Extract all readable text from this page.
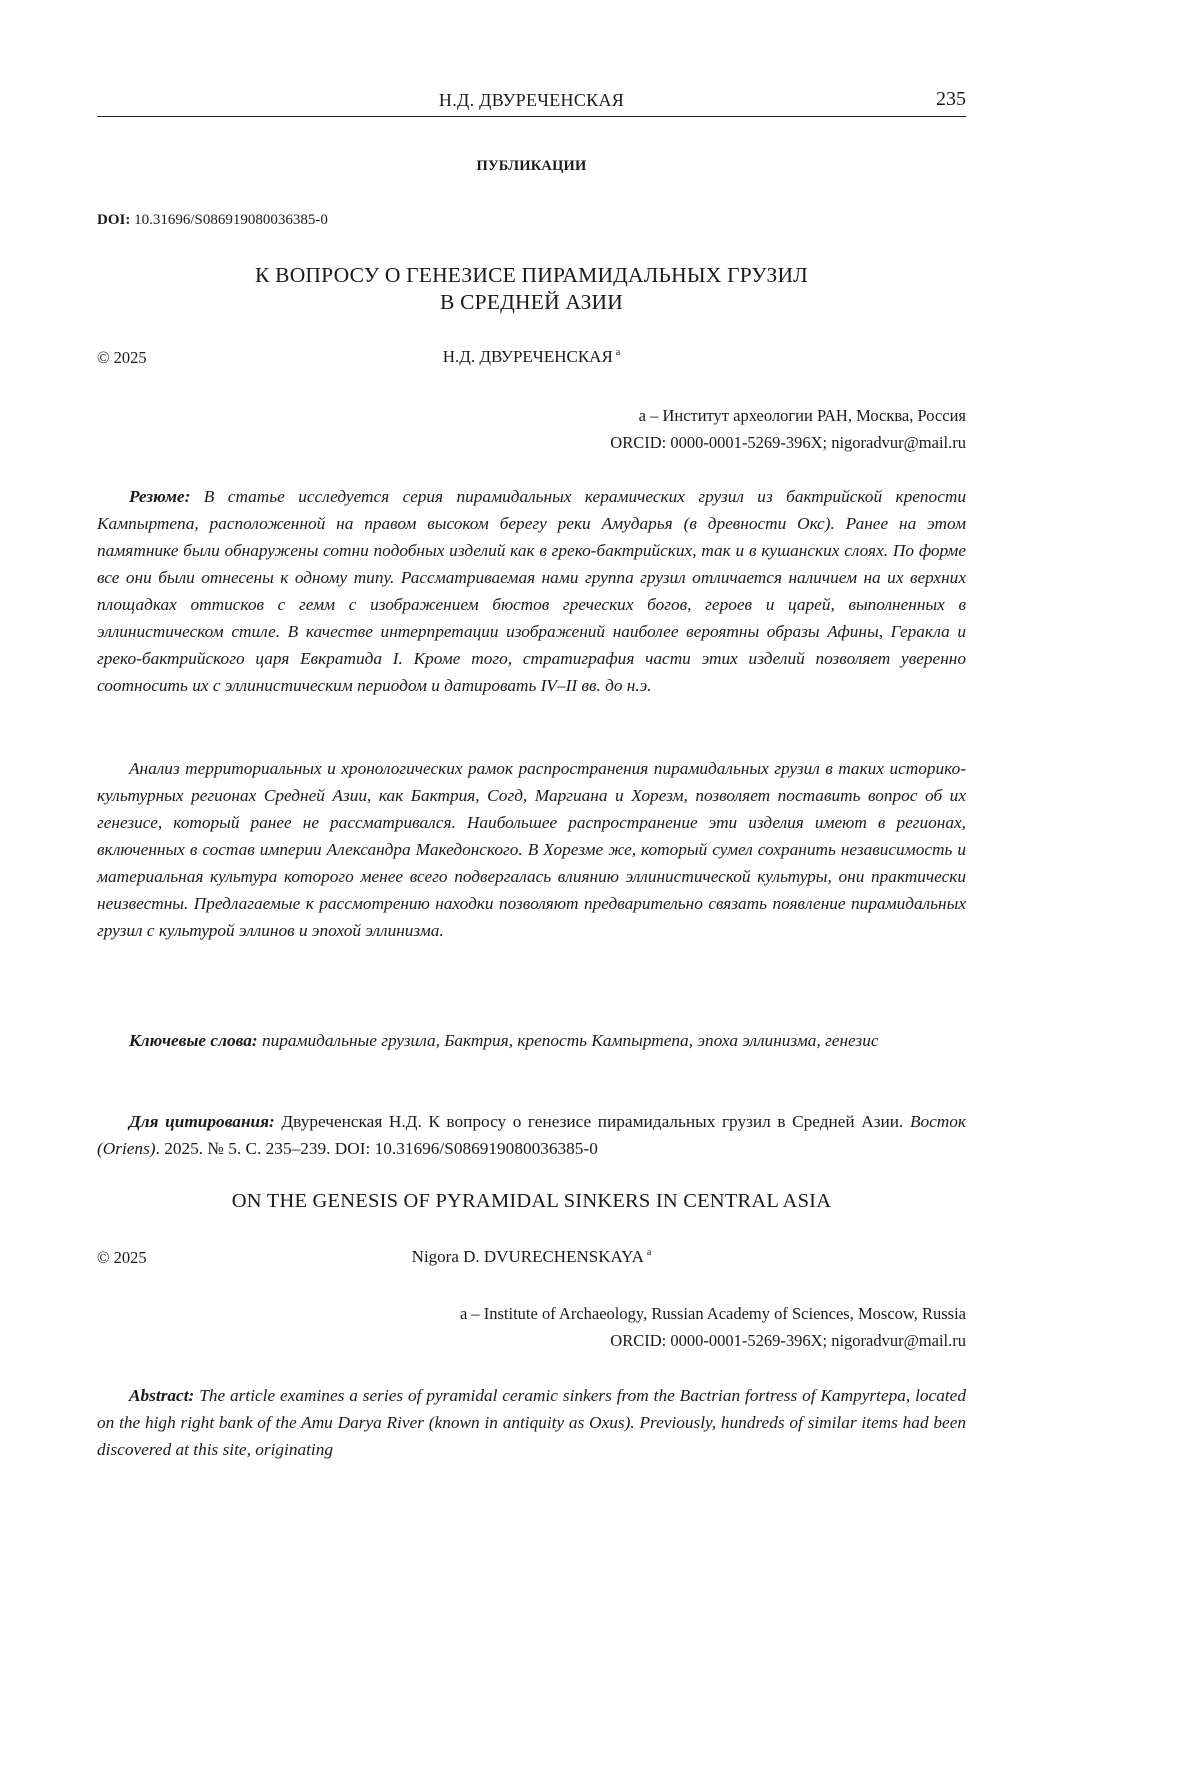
Н.Д. ДВУРЕЧЕНСКАЯ	235
ПУБЛИКАЦИИ
DOI: 10.31696/S086919080036385-0
К ВОПРОСУ О ГЕНЕЗИСЕ ПИРАМИДАЛЬНЫХ ГРУЗИЛ
В СРЕДНЕЙ АЗИИ
© 2025	Н.Д. ДВУРЕЧЕНСКАЯ a
a – Институт археологии РАН, Москва, Россия
ORCID: 0000-0001-5269-396X; nigoradvur@mail.ru

Резюме: В статье исследуется серия пирамидальных керамических грузил из бактрийской крепости Кампыртепа, расположенной на правом высоком берегу реки Амударья (в древности Окс). Ранее на этом памятнике были обнаружены сотни подобных изделий как в греко-бактрийских, так и в кушанских слоях. По форме все они были отнесены к одному типу. Рассматриваемая нами группа грузил отличается наличием на их верхних площадках оттисков с гемм с изображением бюстов греческих богов, героев и царей, выполненных в эллинистическом стиле. В качестве интерпретации изображений наиболее вероятны образы Афины, Геракла и греко-бактрийского царя Евкратида I. Кроме того, стратиграфия части этих изделий позволяет уверенно соотносить их с эллинистическим периодом и датировать IV–II вв. до н.э.

Анализ территориальных и хронологических рамок распространения пирамидальных грузил в таких историко-культурных регионах Средней Азии, как Бактрия, Согд, Маргиана и Хорезм, позволяет поставить вопрос об их генезисе, который ранее не рассматривался. Наибольшее распространение эти изделия имеют в регионах, включенных в состав империи Александра Македонского. В Хорезме же, который сумел сохранить независимость и материальная культура которого менее всего подвергалась влиянию эллинистической культуры, они практически неизвестны. Предлагаемые к рассмотрению находки позволяют предварительно связать появление пирамидальных грузил с культурой эллинов и эпохой эллинизма.

Ключевые слова: пирамидальные грузила, Бактрия, крепость Кампыртепа, эпоха эллинизма, генезис

Для цитирования: Двуреченская Н.Д. К вопросу о генезисе пирамидальных грузил в Средней Азии. Восток (Oriens). 2025. № 5. С. 235–239. DOI: 10.31696/S086919080036385-0

ON THE GENESIS OF PYRAMIDAL SINKERS IN CENTRAL ASIA
© 2025	Nigora D. DVURECHENSKAYA a
a – Institute of Archaeology, Russian Academy of Sciences, Moscow, Russia
ORCID: 0000-0001-5269-396X; nigoradvur@mail.ru

Abstract: The article examines a series of pyramidal ceramic sinkers from the Bactrian fortress of Kampyrtepa, located on the high right bank of the Amu Darya River (known in antiquity as Oxus). Previously, hundreds of similar items had been discovered at this site, originating
